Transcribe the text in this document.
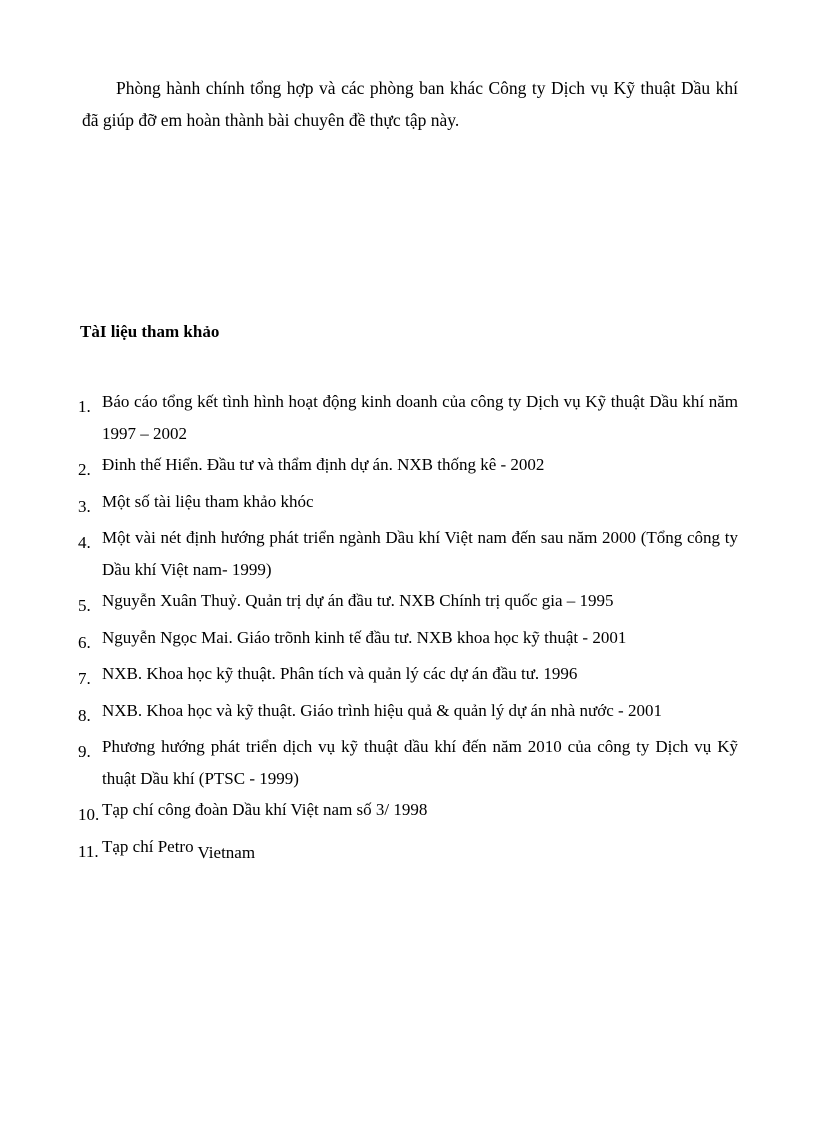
Phòng hành chính tổng hợp và các phòng ban khác Công ty Dịch vụ Kỹ thuật Dầu khí đã giúp đỡ em hoàn thành bài chuyên đề thực tập này.

TàI liệu tham khảo
1. Báo cáo tổng kết tình hình hoạt động kinh doanh của công ty Dịch vụ Kỹ thuật Dầu khí năm 1997 – 2002
2. Đinh thế Hiển. Đầu tư và thẩm định dự án. NXB thống kê - 2002
3. Một số tài liệu tham khảo khóc
4. Một vài nét định hướng phát triển ngành Dầu khí Việt nam đến sau năm 2000 (Tổng công ty Dầu khí Việt nam- 1999)
5. Nguyễn Xuân Thuỷ. Quản trị dự án đầu tư. NXB Chính trị quốc gia – 1995
6. Nguyễn Ngọc Mai. Giáo trõnh kinh tế đầu tư. NXB khoa học kỹ thuật - 2001
7. NXB. Khoa học kỹ thuật. Phân tích và quản lý các dự án đầu tư. 1996
8. NXB. Khoa học và kỹ thuật. Giáo trình hiệu quả & quản lý dự án nhà nước - 2001
9. Phương hướng phát triển dịch vụ kỹ thuật dầu khí đến năm 2010 của công ty Dịch vụ Kỹ thuật Dầu khí (PTSC - 1999)
10. Tạp chí công đoàn Dầu khí Việt nam số 3/ 1998
11. Tạp chí Petro Vietnam
